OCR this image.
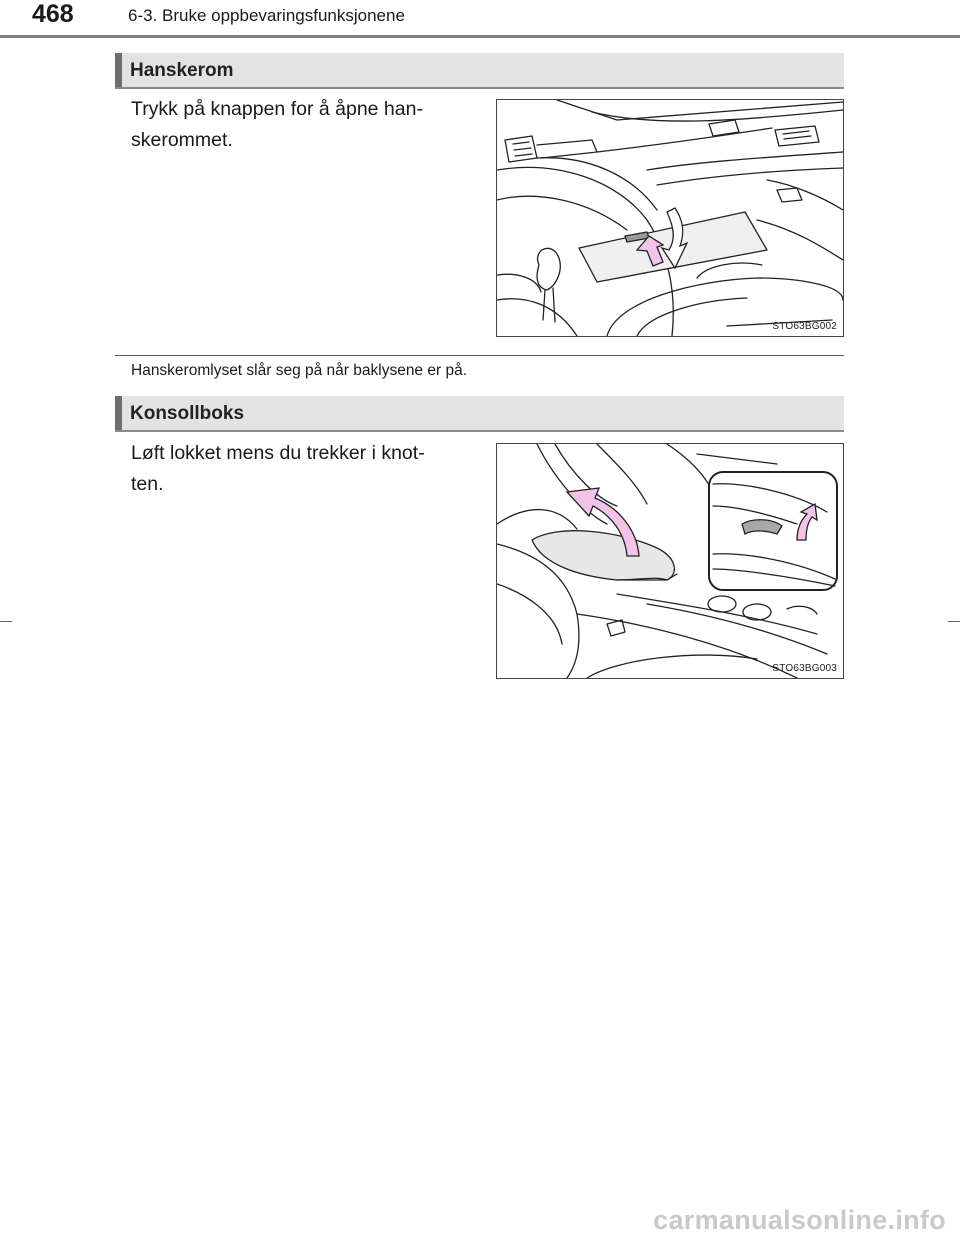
468	6-3. Bruke oppbevaringsfunksjonene
Hanskerom
Trykk på knappen for å åpne han-
skerommet.
STO63BG002
Hanskeromlyset slår seg på når baklysene er på.
Konsollboks
Løft lokket mens du trekker i knot-
ten.
STO63BG003
carmanualsonline.info
